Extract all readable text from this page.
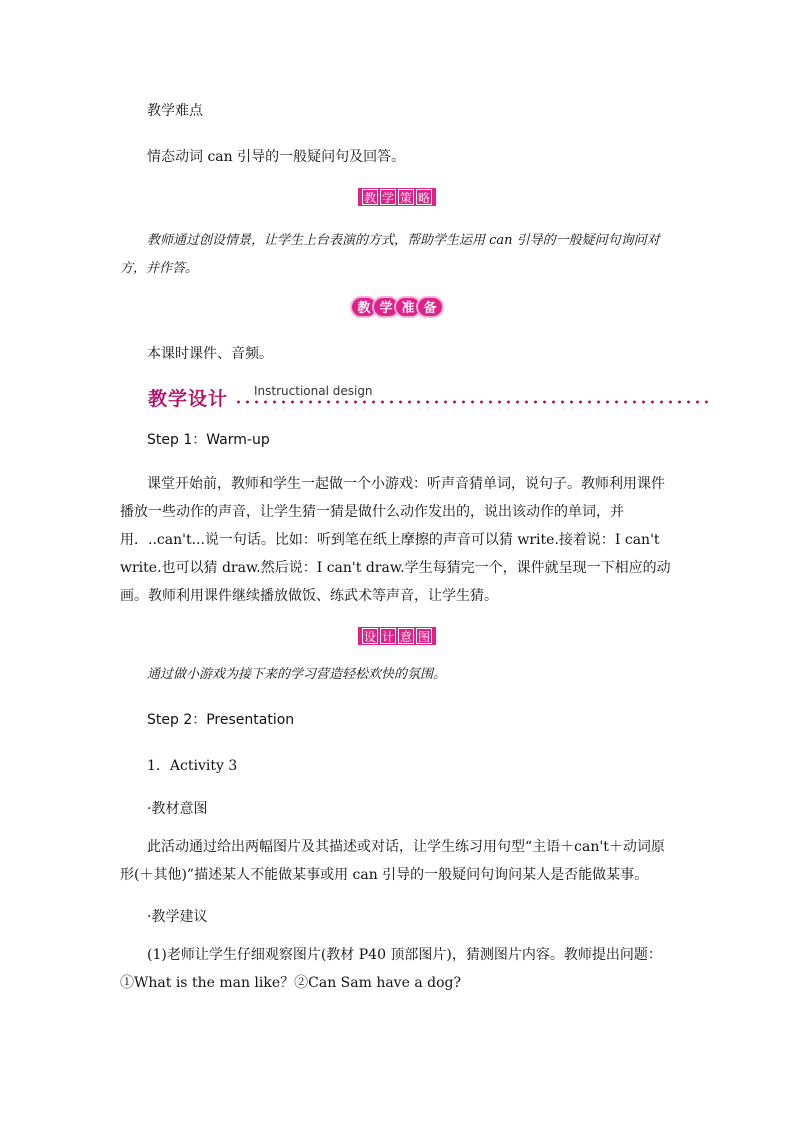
教学难点

情态动词 can 引导的一般疑问句及回答。

教 学 策 略

教师通过创设情景，让学生上台表演的方式，帮助学生运用 can 引导的一般疑问句询问对方，并作答。

教 学 准 备

本课时课件、音频。

教学设计 Instructional design

Step 1：Warm-up

课堂开始前，教师和学生一起做一个小游戏：听声音猜单词，说句子。教师利用课件播放一些动作的声音，让学生猜一猜是做什么动作发出的，说出该动作的单词，并用．..can't...说一句话。比如：听到笔在纸上摩擦的声音可以猜 write.接着说：I can't write.也可以猜 draw.然后说：I can't draw.学生每猜完一个，课件就呈现一下相应的动画。教师利用课件继续播放做饭、练武术等声音，让学生猜。

设 计 意 图

通过做小游戏为接下来的学习营造轻松欢快的氛围。

Step 2：Presentation

1．Activity 3

·教材意图

此活动通过给出两幅图片及其描述或对话，让学生练习用句型“主语＋can't＋动词原形(＋其他)”描述某人不能做某事或用 can 引导的一般疑问句询问某人是否能做某事。

·教学建议

(1)老师让学生仔细观察图片(教材 P40 顶部图片)，猜测图片内容。教师提出问题：①What is the man like？②Can Sam have a dog?
